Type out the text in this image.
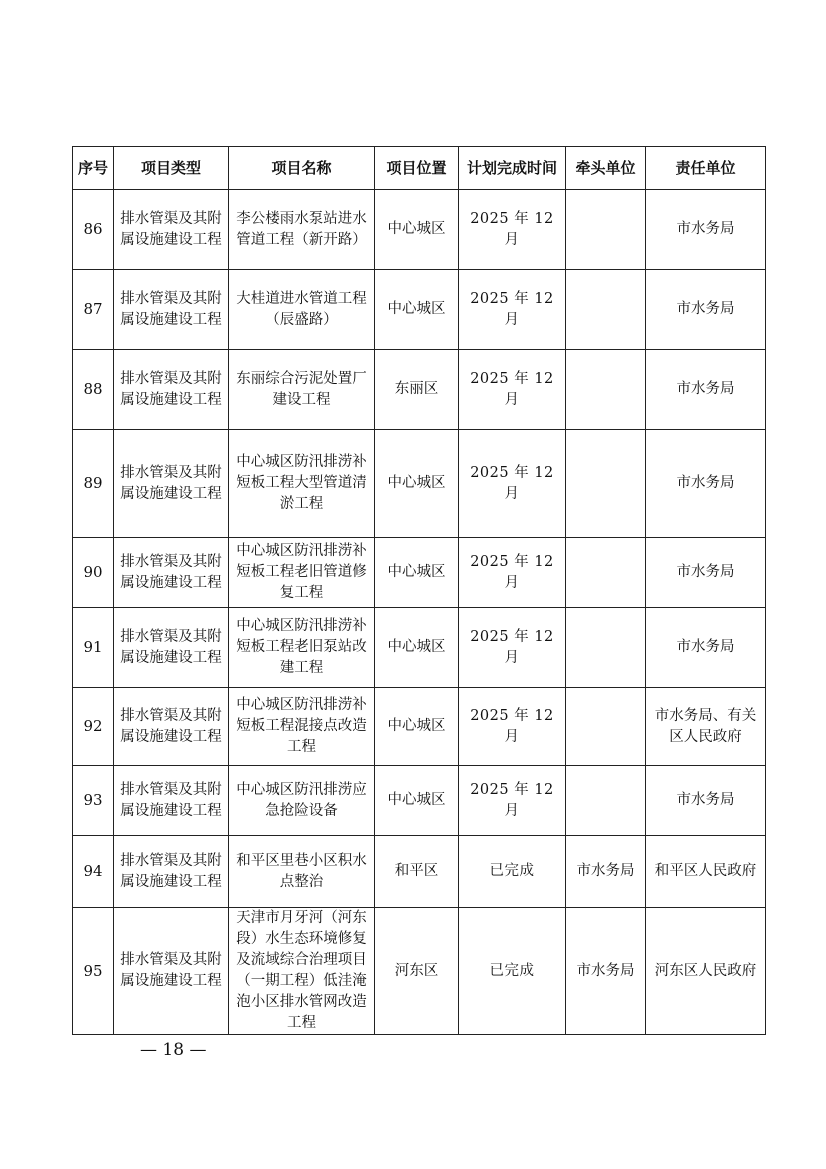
序号	项目类型	项目名称	项目位置	计划完成时间	牵头单位	责任单位
86	排水管渠及其附属设施建设工程	李公楼雨水泵站进水管道工程（新开路）	中心城区	2025 年 12 月		市水务局
87	排水管渠及其附属设施建设工程	大桂道进水管道工程（辰盛路）	中心城区	2025 年 12 月		市水务局
88	排水管渠及其附属设施建设工程	东丽综合污泥处置厂建设工程	东丽区	2025 年 12 月		市水务局
89	排水管渠及其附属设施建设工程	中心城区防汛排涝补短板工程大型管道清淤工程	中心城区	2025 年 12 月		市水务局
90	排水管渠及其附属设施建设工程	中心城区防汛排涝补短板工程老旧管道修复工程	中心城区	2025 年 12 月		市水务局
91	排水管渠及其附属设施建设工程	中心城区防汛排涝补短板工程老旧泵站改建工程	中心城区	2025 年 12 月		市水务局
92	排水管渠及其附属设施建设工程	中心城区防汛排涝补短板工程混接点改造工程	中心城区	2025 年 12 月		市水务局、有关区人民政府
93	排水管渠及其附属设施建设工程	中心城区防汛排涝应急抢险设备	中心城区	2025 年 12 月		市水务局
94	排水管渠及其附属设施建设工程	和平区里巷小区积水点整治	和平区	已完成	市水务局	和平区人民政府
95	排水管渠及其附属设施建设工程	天津市月牙河（河东段）水生态环境修复及流域综合治理项目（一期工程）低洼淹泡小区排水管网改造工程	河东区	已完成	市水务局	河东区人民政府
— 18 —
